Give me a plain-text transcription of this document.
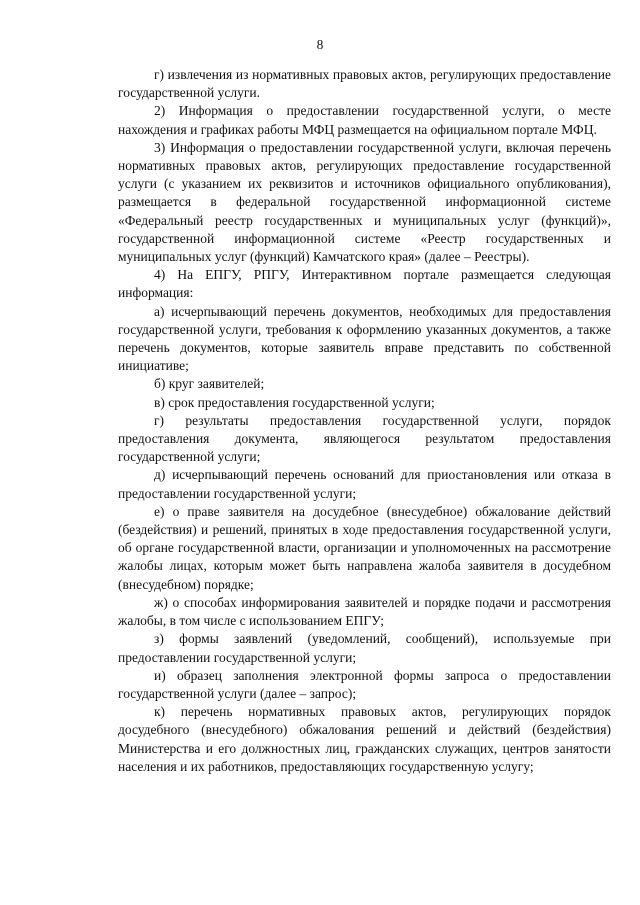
8

г) извлечения из нормативных правовых актов, регулирующих предоставление государственной услуги.

2) Информация о предоставлении государственной услуги, о месте нахождения и графиках работы МФЦ размещается на официальном портале МФЦ.

3) Информация о предоставлении государственной услуги, включая перечень нормативных правовых актов, регулирующих предоставление государственной услуги (с указанием их реквизитов и источников официального опубликования), размещается в федеральной государственной информационной системе «Федеральный реестр государственных и муниципальных услуг (функций)», государственной информационной системе «Реестр государственных и муниципальных услуг (функций) Камчатского края» (далее – Реестры).

4) На ЕПГУ, РПГУ, Интерактивном портале размещается следующая информация:

а) исчерпывающий перечень документов, необходимых для предоставления государственной услуги, требования к оформлению указанных документов, а также перечень документов, которые заявитель вправе представить по собственной инициативе;

б) круг заявителей;

в) срок предоставления государственной услуги;

г) результаты предоставления государственной услуги, порядок предоставления документа, являющегося результатом предоставления государственной услуги;

д) исчерпывающий перечень оснований для приостановления или отказа в предоставлении государственной услуги;

е) о праве заявителя на досудебное (внесудебное) обжалование действий (бездействия) и решений, принятых в ходе предоставления государственной услуги, об органе государственной власти, организации и уполномоченных на рассмотрение жалобы лицах, которым может быть направлена жалоба заявителя в досудебном (внесудебном) порядке;

ж) о способах информирования заявителей и порядке подачи и рассмотрения жалобы, в том числе с использованием ЕПГУ;

з) формы заявлений (уведомлений, сообщений), используемые при предоставлении государственной услуги;

и) образец заполнения электронной формы запроса о предоставлении государственной услуги (далее – запрос);

к) перечень нормативных правовых актов, регулирующих порядок досудебного (внесудебного) обжалования решений и действий (бездействия) Министерства и его должностных лиц, гражданских служащих, центров занятости населения и их работников, предоставляющих государственную услугу;
